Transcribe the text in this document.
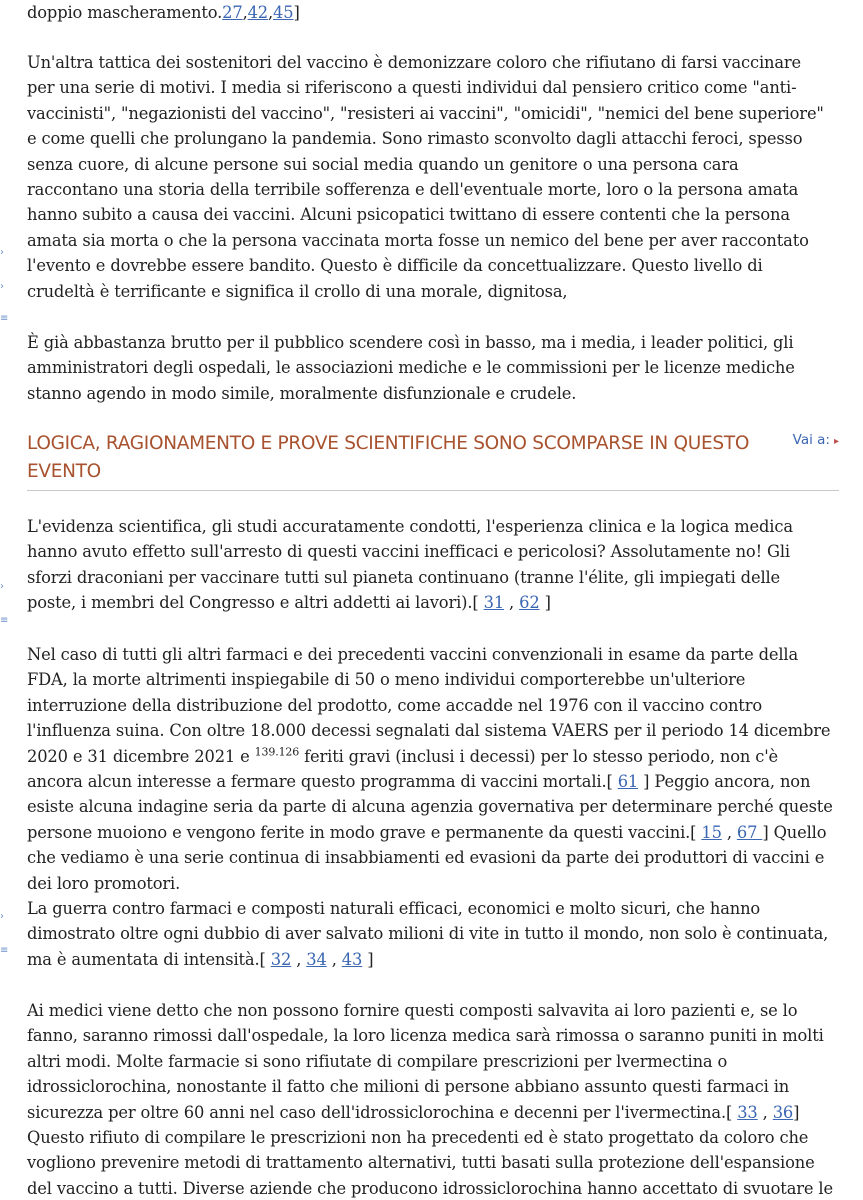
doppio mascheramento.27,42,45]

Un'altra tattica dei sostenitori del vaccino è demonizzare coloro che rifiutano di farsi vaccinare per una serie di motivi. I media si riferiscono a questi individui dal pensiero critico come "anti-vaccinisti", "negazionisti del vaccino", "resisteri ai vaccini", "omicidi", "nemici del bene superiore" e come quelli che prolungano la pandemia. Sono rimasto sconvolto dagli attacchi feroci, spesso senza cuore, di alcune persone sui social media quando un genitore o una persona cara raccontano una storia della terribile sofferenza e dell'eventuale morte, loro o la persona amata hanno subito a causa dei vaccini. Alcuni psicopatici twittano di essere contenti che la persona amata sia morta o che la persona vaccinata morta fosse un nemico del bene per aver raccontato l'evento e dovrebbe essere bandito. Questo è difficile da concettualizzare. Questo livello di crudeltà è terrificante e significa il crollo di una morale, dignitosa,

È già abbastanza brutto per il pubblico scendere così in basso, ma i media, i leader politici, gli amministratori degli ospedali, le associazioni mediche e le commissioni per le licenze mediche stanno agendo in modo simile, moralmente disfunzionale e crudele.

LOGICA, RAGIONAMENTO E PROVE SCIENTIFICHE SONO SCOMPARSE IN QUESTO EVENTO
Vai a: ▸

L'evidenza scientifica, gli studi accuratamente condotti, l'esperienza clinica e la logica medica hanno avuto effetto sull'arresto di questi vaccini inefficaci e pericolosi? Assolutamente no! Gli sforzi draconiani per vaccinare tutti sul pianeta continuano (tranne l'élite, gli impiegati delle poste, i membri del Congresso e altri addetti ai lavori).[ 31 , 62 ]

Nel caso di tutti gli altri farmaci e dei precedenti vaccini convenzionali in esame da parte della FDA, la morte altrimenti inspiegabile di 50 o meno individui comporterebbe un'ulteriore interruzione della distribuzione del prodotto, come accadde nel 1976 con il vaccino contro l'influenza suina. Con oltre 18.000 decessi segnalati dal sistema VAERS per il periodo 14 dicembre 2020 e 31 dicembre 2021 e $^{139.126}$ feriti gravi (inclusi i decessi) per lo stesso periodo, non c'è ancora alcun interesse a fermare questo programma di vaccini mortali.[ 61 ] Peggio ancora, non esiste alcuna indagine seria da parte di alcuna agenzia governativa per determinare perché queste persone muoiono e vengono ferite in modo grave e permanente da questi vaccini.[ 15 , 67 ] Quello che vediamo è una serie continua di insabbiamenti ed evasioni da parte dei produttori di vaccini e dei loro promotori.

La guerra contro farmaci e composti naturali efficaci, economici e molto sicuri, che hanno dimostrato oltre ogni dubbio di aver salvato milioni di vite in tutto il mondo, non solo è continuata, ma è aumentata di intensità.[ 32 , 34 , 43 ]

Ai medici viene detto che non possono fornire questi composti salvavita ai loro pazienti e, se lo fanno, saranno rimossi dall'ospedale, la loro licenza medica sarà rimossa o saranno puniti in molti altri modi. Molte farmacie si sono rifiutate di compilare prescrizioni per lvermectina o idrossiclorochina, nonostante il fatto che milioni di persone abbiano assunto questi farmaci in sicurezza per oltre 60 anni nel caso dell'idrossiclorochina e decenni per l'ivermectina.[ 33 , 36] Questo rifiuto di compilare le prescrizioni non ha precedenti ed è stato progettato da coloro che vogliono prevenire metodi di trattamento alternativi, tutti basati sulla protezione dell'espansione del vaccino a tutti. Diverse aziende che producono idrossiclorochina hanno accettato di svuotare le

›
›
≡
›
≡
›
≡
